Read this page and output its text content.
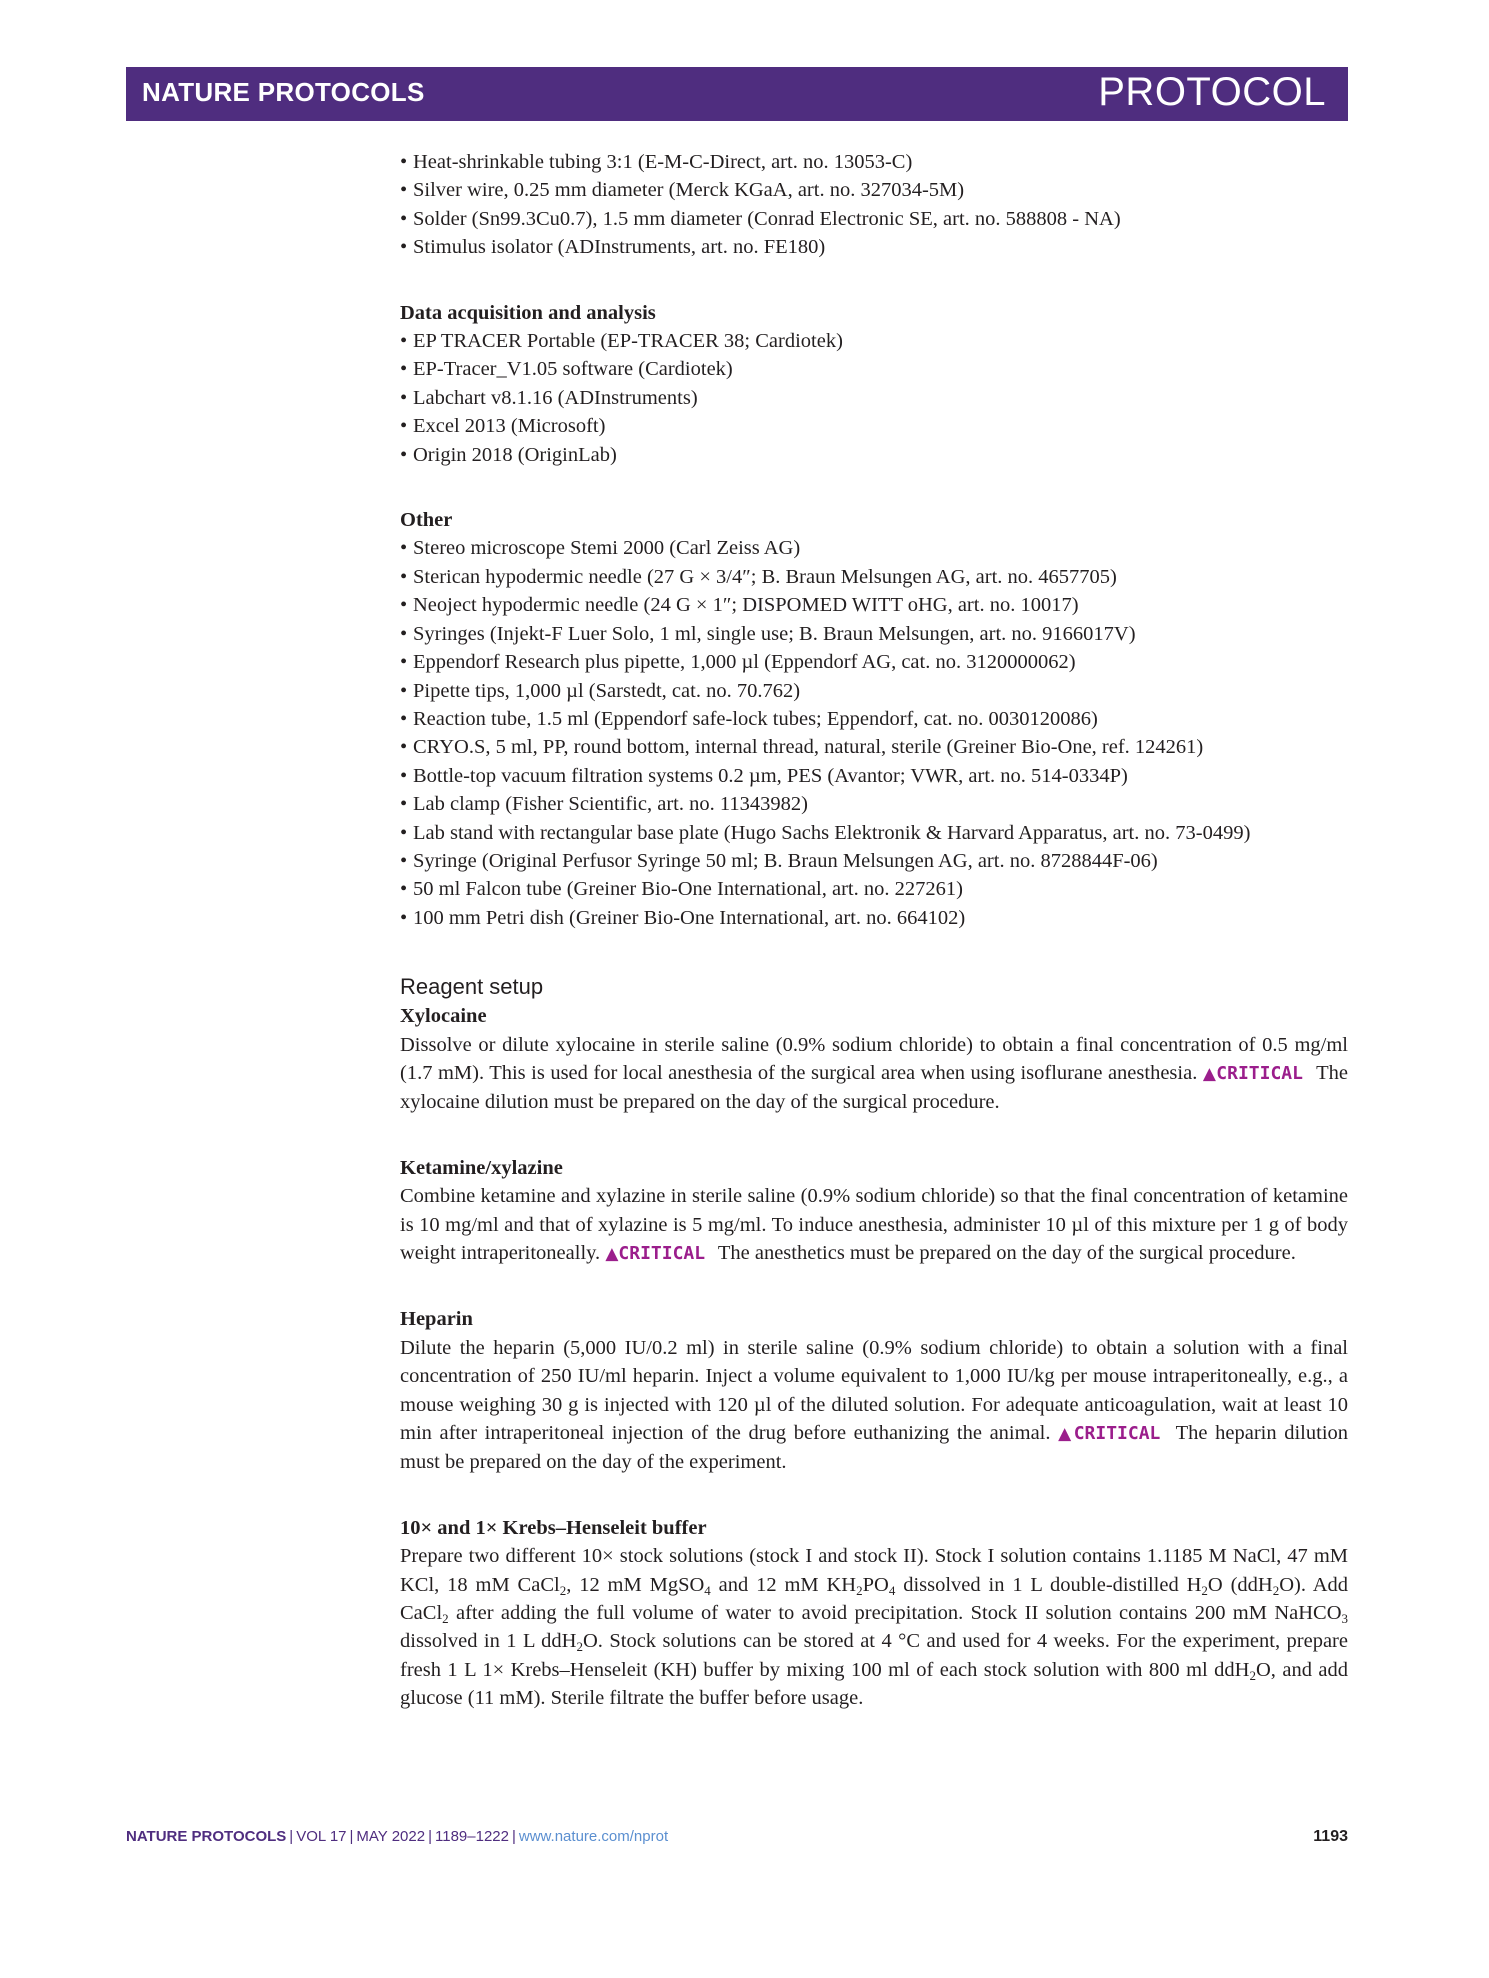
NATURE PROTOCOLS	PROTOCOL
• Heat-shrinkable tubing 3:1 (E-M-C-Direct, art. no. 13053-C)
• Silver wire, 0.25 mm diameter (Merck KGaA, art. no. 327034-5M)
• Solder (Sn99.3Cu0.7), 1.5 mm diameter (Conrad Electronic SE, art. no. 588808 - NA)
• Stimulus isolator (ADInstruments, art. no. FE180)
Data acquisition and analysis
• EP TRACER Portable (EP-TRACER 38; Cardiotek)
• EP-Tracer_V1.05 software (Cardiotek)
• Labchart v8.1.16 (ADInstruments)
• Excel 2013 (Microsoft)
• Origin 2018 (OriginLab)
Other
• Stereo microscope Stemi 2000 (Carl Zeiss AG)
• Sterican hypodermic needle (27 G × 3/4″; B. Braun Melsungen AG, art. no. 4657705)
• Neoject hypodermic needle (24 G × 1″; DISPOMED WITT oHG, art. no. 10017)
• Syringes (Injekt-F Luer Solo, 1 ml, single use; B. Braun Melsungen, art. no. 9166017V)
• Eppendorf Research plus pipette, 1,000 µl (Eppendorf AG, cat. no. 3120000062)
• Pipette tips, 1,000 µl (Sarstedt, cat. no. 70.762)
• Reaction tube, 1.5 ml (Eppendorf safe-lock tubes; Eppendorf, cat. no. 0030120086)
• CRYO.S, 5 ml, PP, round bottom, internal thread, natural, sterile (Greiner Bio-One, ref. 124261)
• Bottle-top vacuum filtration systems 0.2 µm, PES (Avantor; VWR, art. no. 514-0334P)
• Lab clamp (Fisher Scientific, art. no. 11343982)
• Lab stand with rectangular base plate (Hugo Sachs Elektronik & Harvard Apparatus, art. no. 73-0499)
• Syringe (Original Perfusor Syringe 50 ml; B. Braun Melsungen AG, art. no. 8728844F-06)
• 50 ml Falcon tube (Greiner Bio-One International, art. no. 227261)
• 100 mm Petri dish (Greiner Bio-One International, art. no. 664102)
Reagent setup
Xylocaine

Dissolve or dilute xylocaine in sterile saline (0.9% sodium chloride) to obtain a final concentration of 0.5 mg/ml (1.7 mM). This is used for local anesthesia of the surgical area when using isoflurane anesthesia. ▲CRITICAL The xylocaine dilution must be prepared on the day of the surgical procedure.

Ketamine/xylazine

Combine ketamine and xylazine in sterile saline (0.9% sodium chloride) so that the final concentration of ketamine is 10 mg/ml and that of xylazine is 5 mg/ml. To induce anesthesia, administer 10 µl of this mixture per 1 g of body weight intraperitoneally. ▲CRITICAL The anesthetics must be prepared on the day of the surgical procedure.

Heparin

Dilute the heparin (5,000 IU/0.2 ml) in sterile saline (0.9% sodium chloride) to obtain a solution with a final concentration of 250 IU/ml heparin. Inject a volume equivalent to 1,000 IU/kg per mouse intraperitoneally, e.g., a mouse weighing 30 g is injected with 120 µl of the diluted solution. For adequate anticoagulation, wait at least 10 min after intraperitoneal injection of the drug before euthanizing the animal. ▲CRITICAL The heparin dilution must be prepared on the day of the experiment.

10× and 1× Krebs–Henseleit buffer

Prepare two different 10× stock solutions (stock I and stock II). Stock I solution contains 1.1185 M NaCl, 47 mM KCl, 18 mM CaCl$_2$, 12 mM MgSO$_4$ and 12 mM $KH_2PO_4$ dissolved in 1 L double-distilled $H_2O$ (ddH$_2$O). Add CaCl$_2$ after adding the full volume of water to avoid precipitation. Stock II solution contains 200 mM NaHCO$_3$ dissolved in 1 L ddH$_2$O. Stock solutions can be stored at 4 °C and used for 4 weeks. For the experiment, prepare fresh 1 L 1× Krebs–Henseleit (KH) buffer by mixing 100 ml of each stock solution with 800 ml ddH$_2$O, and add glucose (11 mM). Sterile filtrate the buffer before usage.

NATURE PROTOCOLS | VOL 17 | MAY 2022 | 1189–1222 | www.nature.com/nprot	1193
